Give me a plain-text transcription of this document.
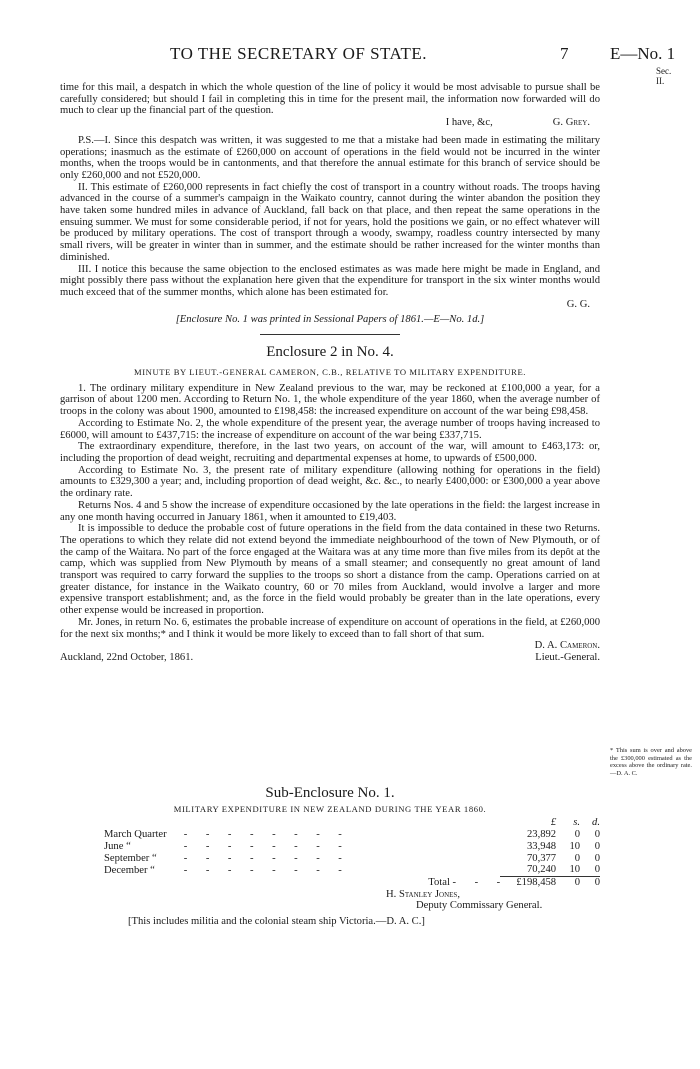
TO THE SECRETARY OF STATE.	7 E—No. 1
Sec. II.

time for this mail, a despatch in which the whole question of the line of policy it would be most advisable to pursue shall be carefully considered; but should I fail in completing this in time for the present mail, the information now forwarded will do much to clear up the financial part of the question.

I have, &c,	G. Grey.

P.S.—I. Since this despatch was written, it was suggested to me that a mistake had been made in estimating the military operations; inasmuch as the estimate of £260,000 on account of operations in the field would not be incurred in the winter months, when the troops would be in cantonments, and that therefore the annual estimate for this branch of service should be only £260,000 and not £520,000.

II. This estimate of £260,000 represents in fact chiefly the cost of transport in a country without roads. The troops having advanced in the course of a summer's campaign in the Waikato country, cannot during the winter abandon the position they have taken some hundred miles in advance of Auckland, fall back on that place, and then repeat the same operations in the ensuing summer. We must for some considerable period, if not for years, hold the positions we gain, or no effect whatever will be produced by military operations. The cost of transport through a woody, swampy, roadless country intersected by many small rivers, will be greater in winter than in summer, and the estimate should be rather increased for the winter months than diminished.

III. I notice this because the same objection to the enclosed estimates as was made here might be made in England, and might possibly there pass without the explanation here given that the expenditure for transport in the six winter months would much exceed that of the summer months, which alone has been estimated for.

G. G.

[Enclosure No. 1 was printed in Sessional Papers of 1861.—E—No. 1d.]

Enclosure 2 in No. 4.
MINUTE BY LIEUT.-GENERAL CAMERON, C.B., RELATIVE TO MILITARY EXPENDITURE.

1. The ordinary military expenditure in New Zealand previous to the war, may be reckoned at £100,000 a year, for a garrison of about 1200 men. According to Return No. 1, the whole expenditure of the year 1860, when the average number of troops in the colony was about 1900, amounted to £198,458: the increased expenditure on account of the war being £98,458.

According to Estimate No. 2, the whole expenditure of the present year, the average number of troops having increased to £6000, will amount to £437,715: the increase of expenditure on account of the war being £337,715.

The extraordinary expenditure, therefore, in the last two years, on account of the war, will amount to £463,173: or, including the proportion of dead weight, recruiting and departmental expenses at home, to upwards of £500,000.

According to Estimate No. 3, the present rate of military expenditure (allowing nothing for operations in the field) amounts to £329,300 a year; and, including proportion of dead weight, &c. &c., to nearly £400,000: or £300,000 a year above the ordinary rate.

Returns Nos. 4 and 5 show the increase of expenditure occasioned by the late operations in the field: the largest increase in any one month having occurred in January 1861, when it amounted to £19,403.

It is impossible to deduce the probable cost of future operations in the field from the data contained in these two Returns. The operations to which they relate did not extend beyond the immediate neighbourhood of the town of New Plymouth, or of the camp of the Waitara. No part of the force engaged at the Waitara was at any time more than five miles from its depôt at the camp, which was supplied from New Plymouth by means of a small steamer; and consequently no great amount of land transport was required to carry forward the supplies to the troops so short a distance from the camp. Operations carried on at greater distance, for instance in the Waikato country, 60 or 70 miles from Auckland, would involve a larger and more expensive transport establishment; and, as the force in the field would probably be greater than in the late operations, every other expense would be increased in proportion.

Mr. Jones, in return No. 6, estimates the probable increase of expenditure on account of operations in the field, at £260,000 for the next six months;* and I think it would be more likely to exceed than to fall short of that sum.

D. A. Cameron.
Auckland, 22nd October, 1861.	Lieut.-General.
* This sum is over and above the £300,000 estimated as the excess above the ordinary rate.—D. A. C.
Sub-Enclosure No. 1.
MILITARY EXPENDITURE IN NEW ZEALAND DURING THE YEAR 1860.
		£	s.	d.
March Quarter	-       -       -       -       -       -       -       -	23,892	0	0
June “	-       -       -       -       -       -       -       -	33,948	10	0
September “	-       -       -       -       -       -       -       -	70,377	0	0
December “	-       -       -       -       -       -       -       -	70,240	10	0
	Total -       -       -	£198,458	0	0
H. Stanley Jones,
Deputy Commissary General.
[This includes militia and the colonial steam ship Victoria.—D. A. C.]
